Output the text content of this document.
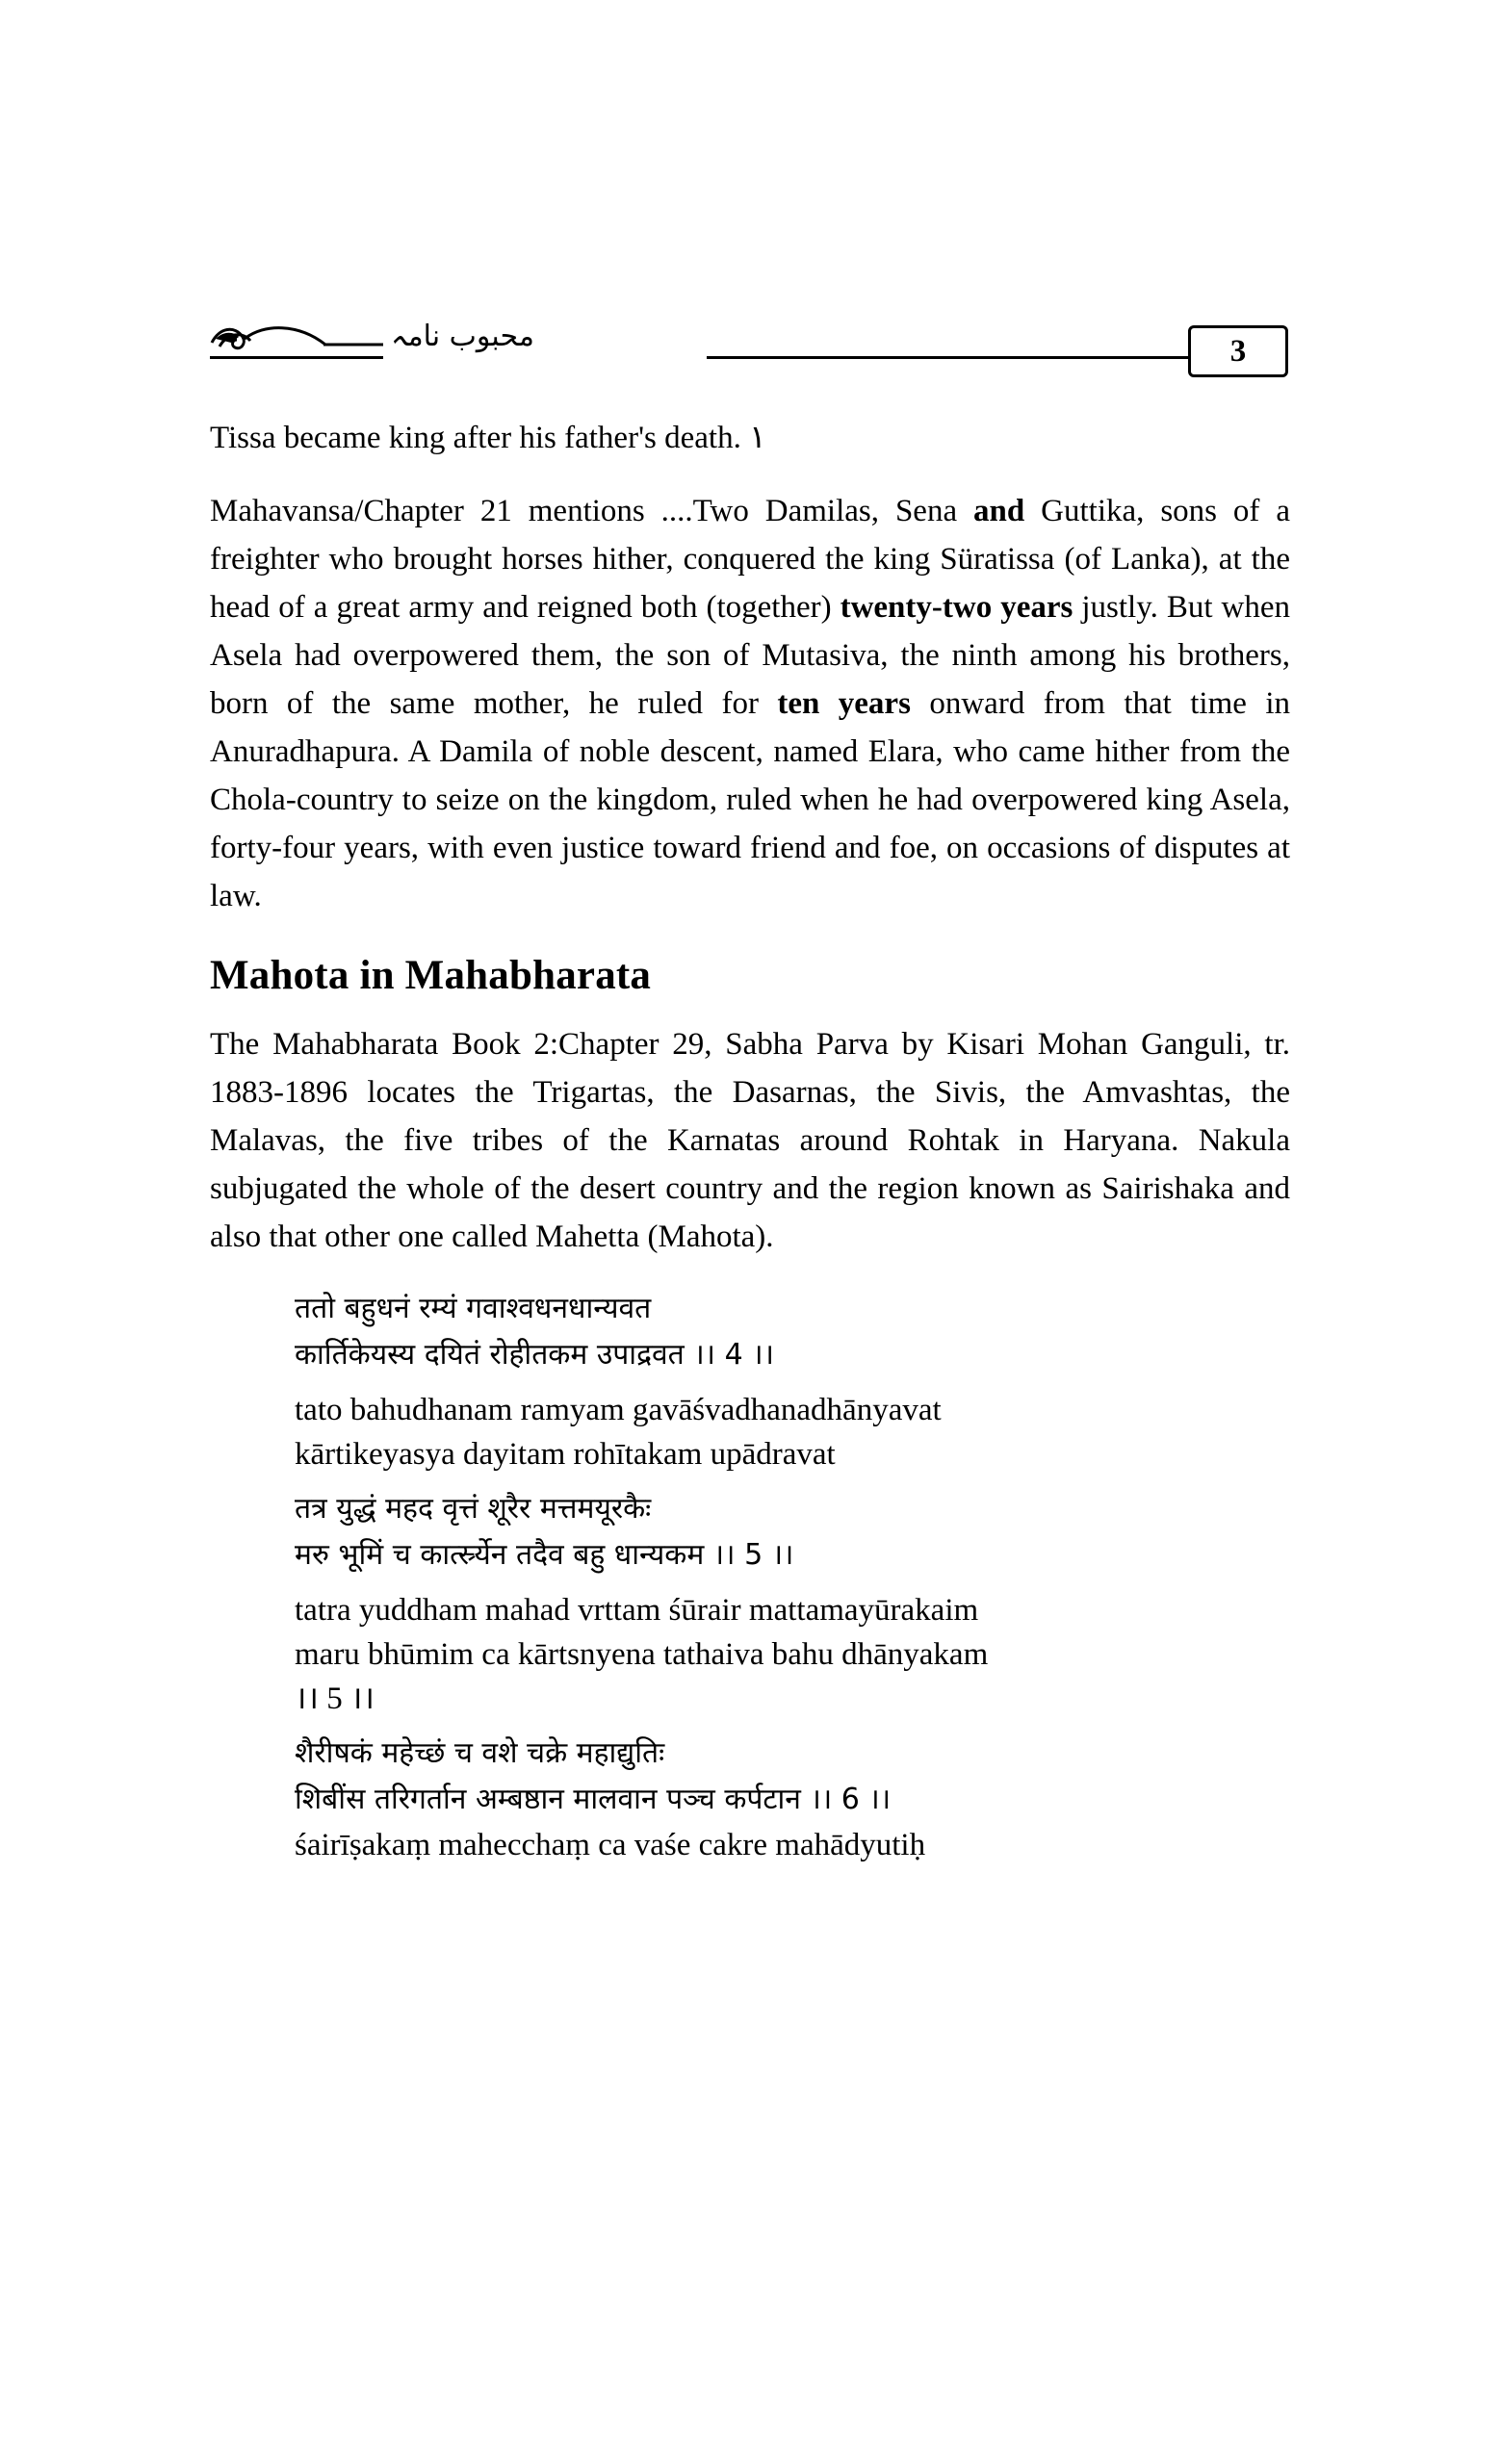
محبوب نامہ	3

Tissa became king after his father's death. ١

Mahavansa/Chapter 21 mentions ....Two Damilas, Sena and Guttika, sons of a freighter who brought horses hither, conquered the king Süratissa (of Lanka), at the head of a great army and reigned both (together) twenty-two years justly. But when Asela had overpowered them, the son of Mutasiva, the ninth among his brothers, born of the same mother, he ruled for ten years onward from that time in Anuradhapura. A Damila of noble descent, named Elara, who came hither from the Chola-country to seize on the kingdom, ruled when he had overpowered king Asela, forty-four years, with even justice toward friend and foe, on occasions of disputes at law.

Mahota in Mahabharata

The Mahabharata Book 2:Chapter 29, Sabha Parva by Kisari Mohan Ganguli, tr. 1883-1896 locates the Trigartas, the Dasarnas, the Sivis, the Amvashtas, the Malavas, the five tribes of the Karnatas around Rohtak in Haryana. Nakula subjugated the whole of the desert country and the region known as Sairishaka and also that other one called Mahetta (Mahota).

ततो बहुधनं रम्यं गवाश्वधनधान्यवत

कार्तिकेयस्य दयितं रोहीतकम उपाद्रवत ।। 4 ।।

tato bahudhanam ramyam gavāśvadhanadhānyavat

kārtikeyasya dayitam rohītakam upādravat

तत्र युद्धं महद वृत्तं शूरैर मत्तमयूरकैः

मरु भूमिं च कार्त्स्र्येन तदैव बहु धान्यकम ।। 5 ।।

tatra yuddham mahad vrttam śūrair mattamayūrakaim

maru bhūmim ca kārtsnyena tathaiva bahu dhānyakam

।। 5 ।।

शैरीषकं महेच्छं च वशे चक्रे महाद्युतिः

शिबींस तरिगर्तान अम्बष्ठान मालवान पञ्च कर्पटान ।। 6 ।।

śairīṣakaṃ mahecchaṃ ca vaśe cakre mahādyutiḥ
